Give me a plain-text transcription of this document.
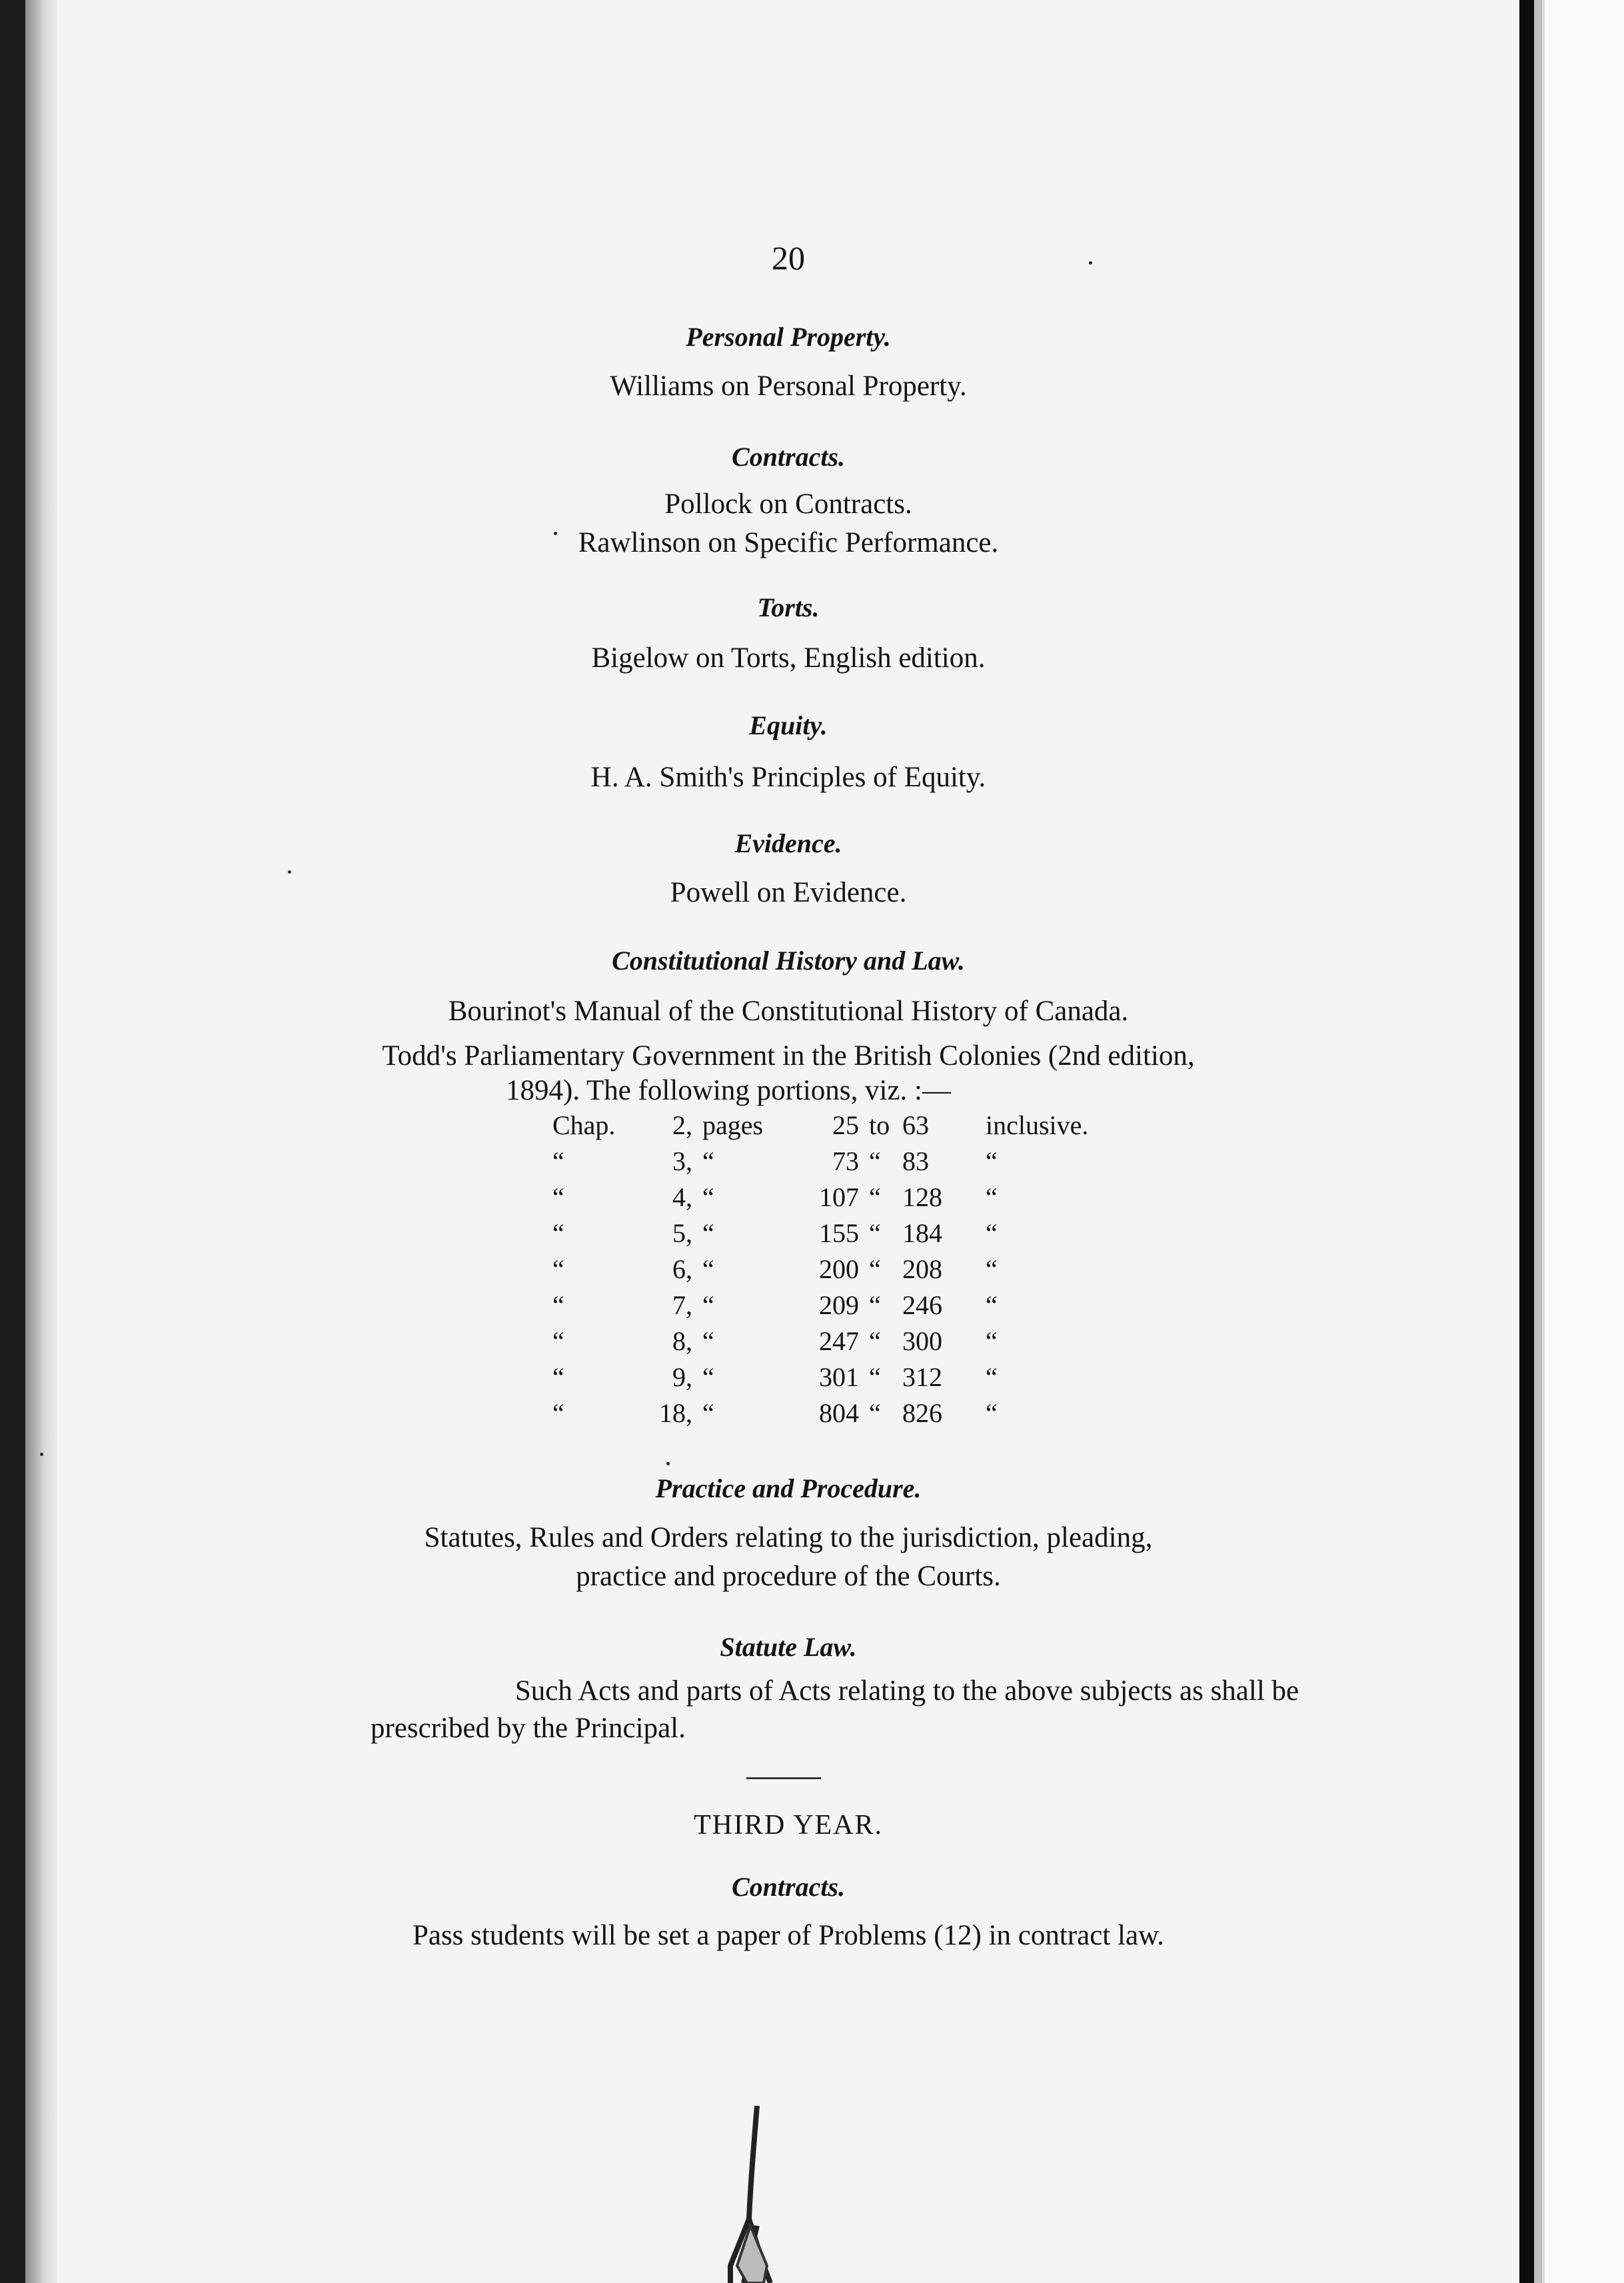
20
Personal Property.
Williams on Personal Property.
Contracts.
Pollock on Contracts.
Rawlinson on Specific Performance.
Torts.
Bigelow on Torts, English edition.
Equity.
H. A. Smith's Principles of Equity.
Evidence.
Powell on Evidence.
Constitutional History and Law.
Bourinot's Manual of the Constitutional History of Canada.
Todd's Parliamentary Government in the British Colonies (2nd edition,
1894). The following portions, viz. :—
Chap.	2, pages	25 to 63	inclusive.
“	3, “	73 “ 83	“
“	4, “	107 “ 128	“
“	5, “	155 “ 184	“
“	6, “	200 “ 208	“
“	7, “	209 “ 246	“
“	8, “	247 “ 300	“
“	9, “	301 “ 312	“
“	18, “	804 “ 826	“
Practice and Procedure.
Statutes, Rules and Orders relating to the jurisdiction, pleading,
practice and procedure of the Courts.
Statute Law.
Such Acts and parts of Acts relating to the above subjects as shall be
prescribed by the Principal.
THIRD YEAR.
Contracts.
Pass students will be set a paper of Problems (12) in contract law.
